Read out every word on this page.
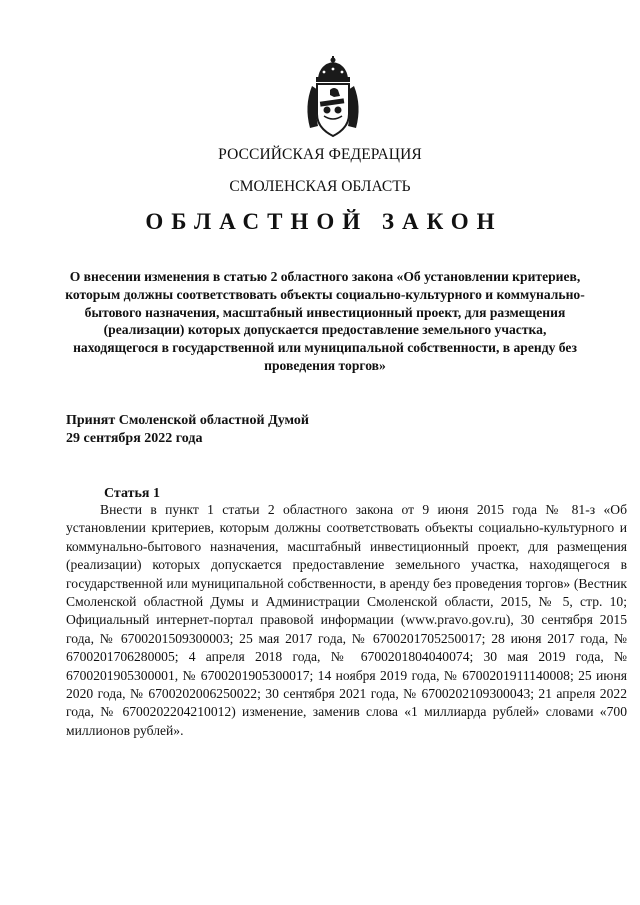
РОССИЙСКАЯ ФЕДЕРАЦИЯ
СМОЛЕНСКАЯ ОБЛАСТЬ
ОБЛАСТНОЙ ЗАКОН
О внесении изменения в статью 2 областного закона «Об установлении критериев, которым должны соответствовать объекты социально-культурного и коммунально-бытового назначения, масштабный инвестиционный проект, для размещения (реализации) которых допускается предоставление земельного участка, находящегося в государственной или муниципальной собственности, в аренду без проведения торгов»
Принят Смоленской областной Думой
29 сентября 2022 года
Статья 1
Внести в пункт 1 статьи 2 областного закона от 9 июня 2015 года № 81-з «Об установлении критериев, которым должны соответствовать объекты социально-культурного и коммунально-бытового назначения, масштабный инвестиционный проект, для размещения (реализации) которых допускается предоставление земельного участка, находящегося в государственной или муниципальной собственности, в аренду без проведения торгов» (Вестник Смоленской областной Думы и Администрации Смоленской области, 2015, № 5, стр. 10; Официальный интернет-портал правовой информации (www.pravo.gov.ru), 30 сентября 2015 года, № 6700201509300003; 25 мая 2017 года, № 6700201705250017; 28 июня 2017 года, № 6700201706280005; 4 апреля 2018 года, № 6700201804040074; 30 мая 2019 года, № 6700201905300001, № 6700201905300017; 14 ноября 2019 года, № 6700201911140008; 25 июня 2020 года, № 6700202006250022; 30 сентября 2021 года, № 6700202109300043; 21 апреля 2022 года, № 6700202204210012) изменение, заменив слова «1 миллиарда рублей» словами «700 миллионов рублей».
